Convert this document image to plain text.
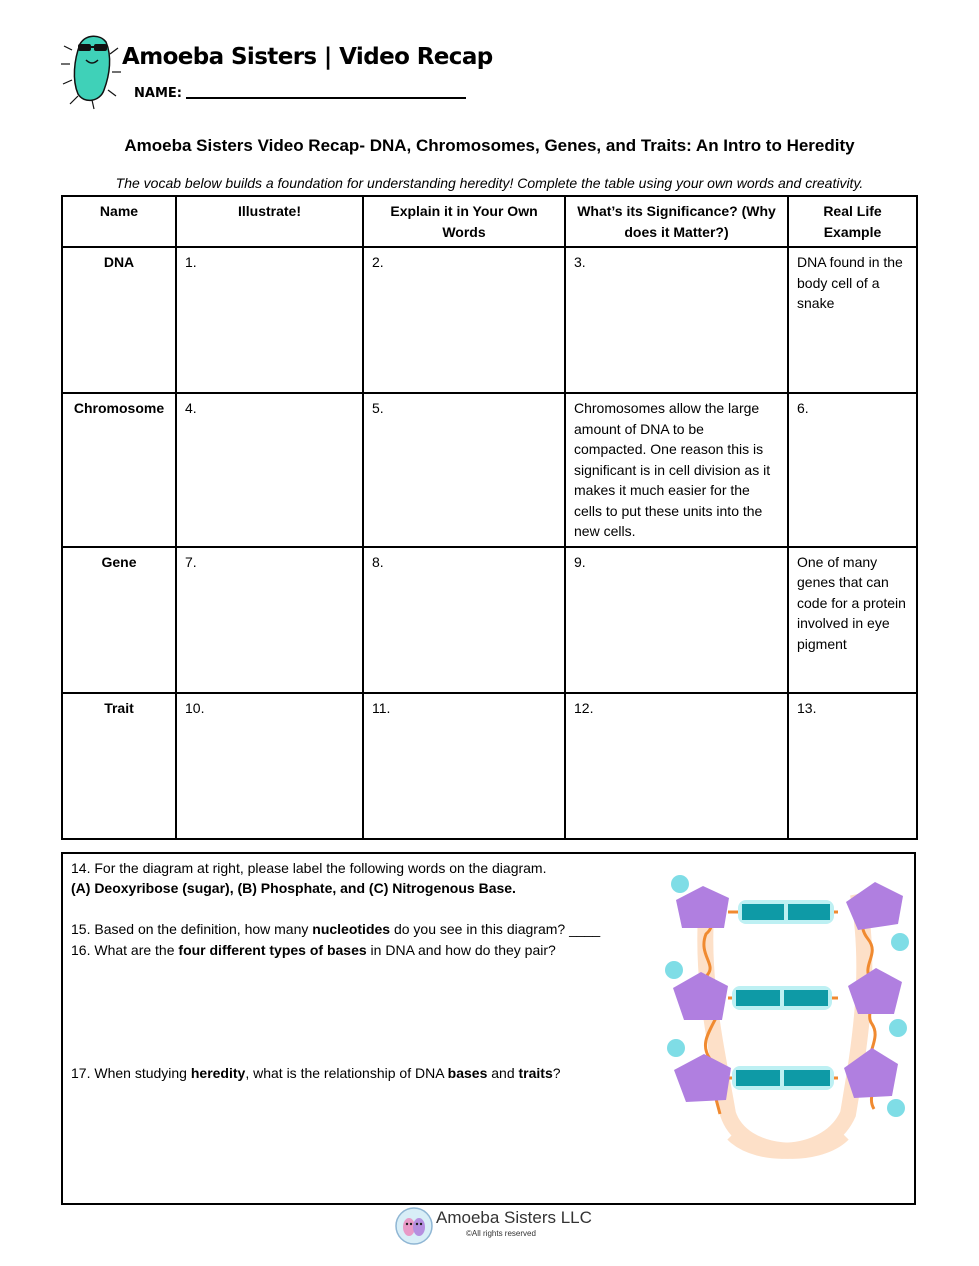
Amoeba Sisters | Video Recap
NAME:
Amoeba Sisters Video Recap- DNA, Chromosomes, Genes, and Traits: An Intro to Heredity
The vocab below builds a foundation for understanding heredity! Complete the table using your own words and creativity.
Name	Illustrate!	Explain it in Your Own Words	What’s its Significance? (Why does it Matter?)	Real Life Example
DNA	1.	2.	3.	DNA found in the body cell of a snake
Chromosome	4.	5.	Chromosomes allow the large amount of DNA to be compacted. One reason this is significant is in cell division as it makes it much easier for the cells to put these units into the new cells.	6.
Gene	7.	8.	9.	One of many genes that can code for a protein involved in eye pigment
Trait	10.	11.	12.	13.
14. For the diagram at right, please label the following words on the diagram.
(A) Deoxyribose (sugar), (B) Phosphate, and (C) Nitrogenous Base.
15. Based on the definition, how many nucleotides do you see in this diagram? ____
16. What are the four different types of bases in DNA and how do they pair?
17. When studying heredity, what is the relationship of DNA bases and traits?
Amoeba Sisters LLC
©All rights reserved
